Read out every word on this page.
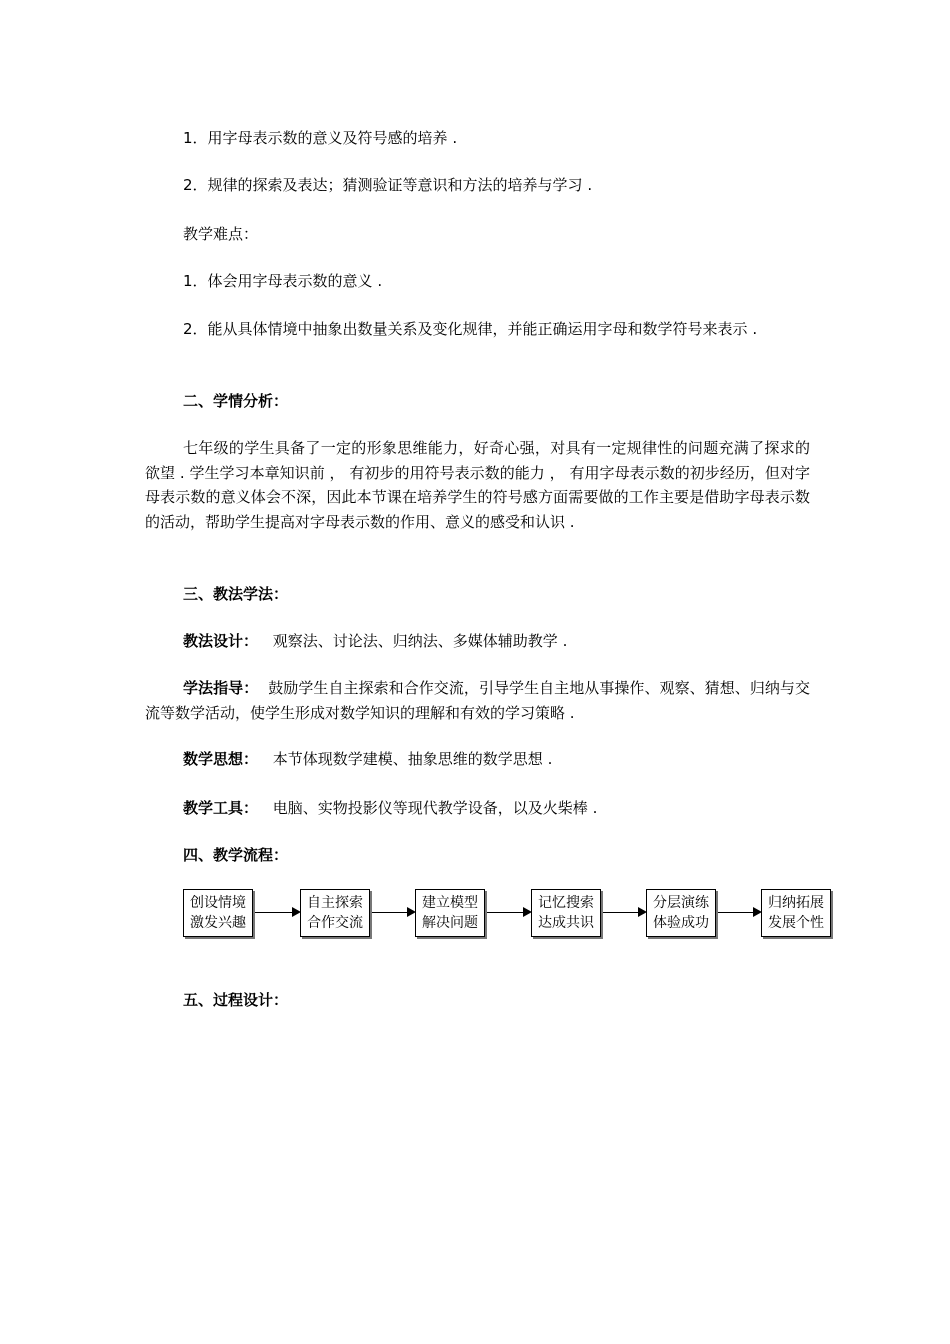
1．用字母表示数的意义及符号感的培养 .
2．规律的探索及表达；猜测验证等意识和方法的培养与学习 .
教学难点：
1．体会用字母表示数的意义 .
2．能从具体情境中抽象出数量关系及变化规律，并能正确运用字母和数学符号来表示 .
二、学情分析：
七年级的学生具备了一定的形象思维能力，好奇心强，对具有一定规律性的问题充满了探求的欲望 . 学生学习本章知识前 ， 有初步的用符号表示数的能力 ， 有用字母表示数的初步经历，但对字母表示数的意义体会不深，因此本节课在培养学生的符号感方面需要做的工作主要是借助字母表示数的活动，帮助学生提高对字母表示数的作用、意义的感受和认识 .
三、教法学法：
教法设计： 观察法、讨论法、归纳法、多媒体辅助教学 .
学法指导： 鼓励学生自主探索和合作交流，引导学生自主地从事操作、观察、猜想、归纳与交流等数学活动，使学生形成对数学知识的理解和有效的学习策略 .
数学思想： 本节体现数学建模、抽象思维的数学思想 .
教学工具： 电脑、实物投影仪等现代教学设备，以及火柴棒 .
四、教学流程：
创设情境
激发兴趣
自主探索
合作交流
建立模型
解决问题
记忆搜索
达成共识
分层演练
体验成功
归纳拓展
发展个性
五、过程设计：
